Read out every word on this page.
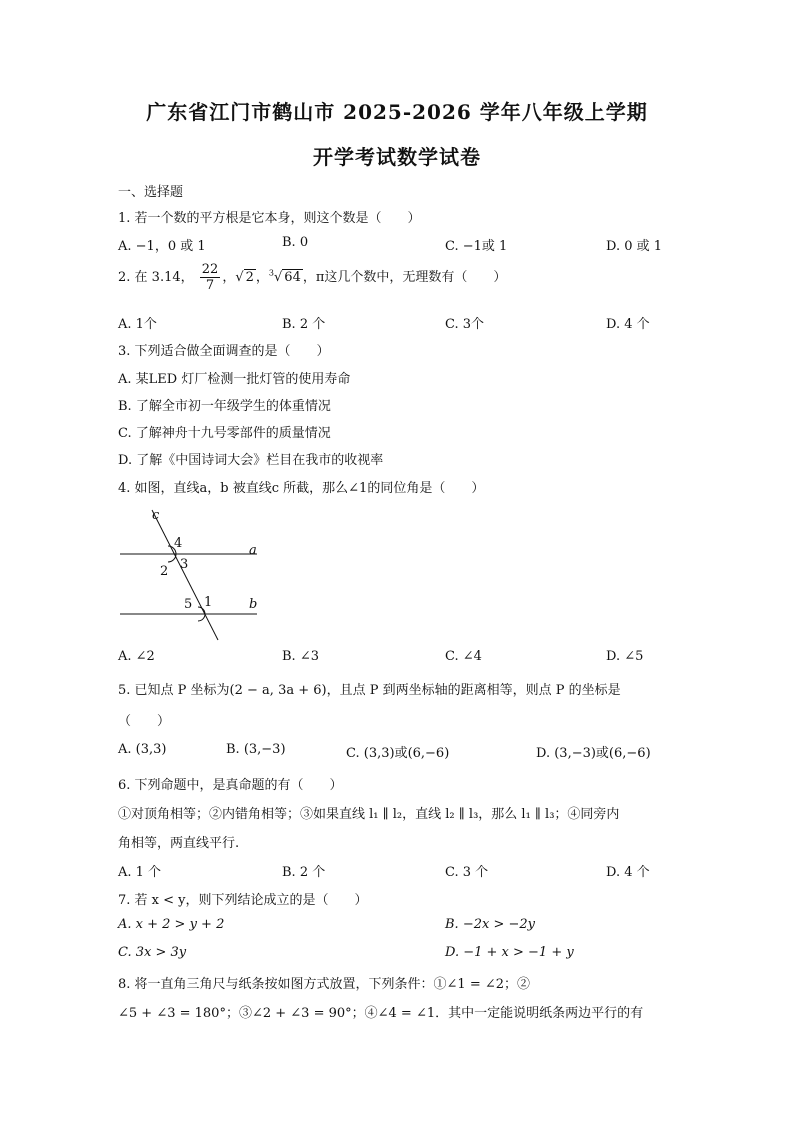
广东省江门市鹤山市 2025-2026 学年八年级上学期
开学考试数学试卷
一、选择题
1. 若一个数的平方根是它本身，则这个数是（　　）
A. −1，0 或 1	B. 0	C. −1或 1	D. 0 或 1
2. 在 3.14， $\frac{22}{7}$ ，√ 2 ，$^3$√ 64 ，π这几个数中，无理数有（　　）
A. 1个	B. 2 个	C. 3个	D. 4 个
3. 下列适合做全面调查的是（　　）
A. 某LED 灯厂检测一批灯管的使用寿命
B. 了解全市初一年级学生的体重情况
C. 了解神舟十九号零部件的质量情况
D. 了解《中国诗词大会》栏目在我市的收视率
4. 如图，直线a，b 被直线c 所截，那么∠1的同位角是（　　）
c
a
b
4
2 3
5 1
A. ∠2	B. ∠3	C. ∠4	D. ∠5
5. 已知点 P 坐标为(2 − a, 3a + 6)，且点 P 到两坐标轴的距离相等，则点 P 的坐标是
（　　）
A. (3,3)	B. (3,−3)	C. (3,3)或(6,−6)	D. (3,−3)或(6,−6)
6. 下列命题中，是真命题的有（　　）
①对顶角相等；②内错角相等；③如果直线 l₁ ∥ l₂，直线 l₂ ∥ l₃，那么 l₁ ∥ l₃；④同旁内
角相等，两直线平行.
A. 1 个	B. 2 个	C. 3 个	D. 4 个
7. 若 x < y，则下列结论成立的是（　　）
A. x + 2 > y + 2	B. −2x > −2y
C. 3x > 3y	D. −1 + x > −1 + y
8. 将一直角三角尺与纸条按如图方式放置，下列条件：①∠1 = ∠2；②
∠5 + ∠3 = 180°；③∠2 + ∠3 = 90°；④∠4 = ∠1．其中一定能说明纸条两边平行的有
